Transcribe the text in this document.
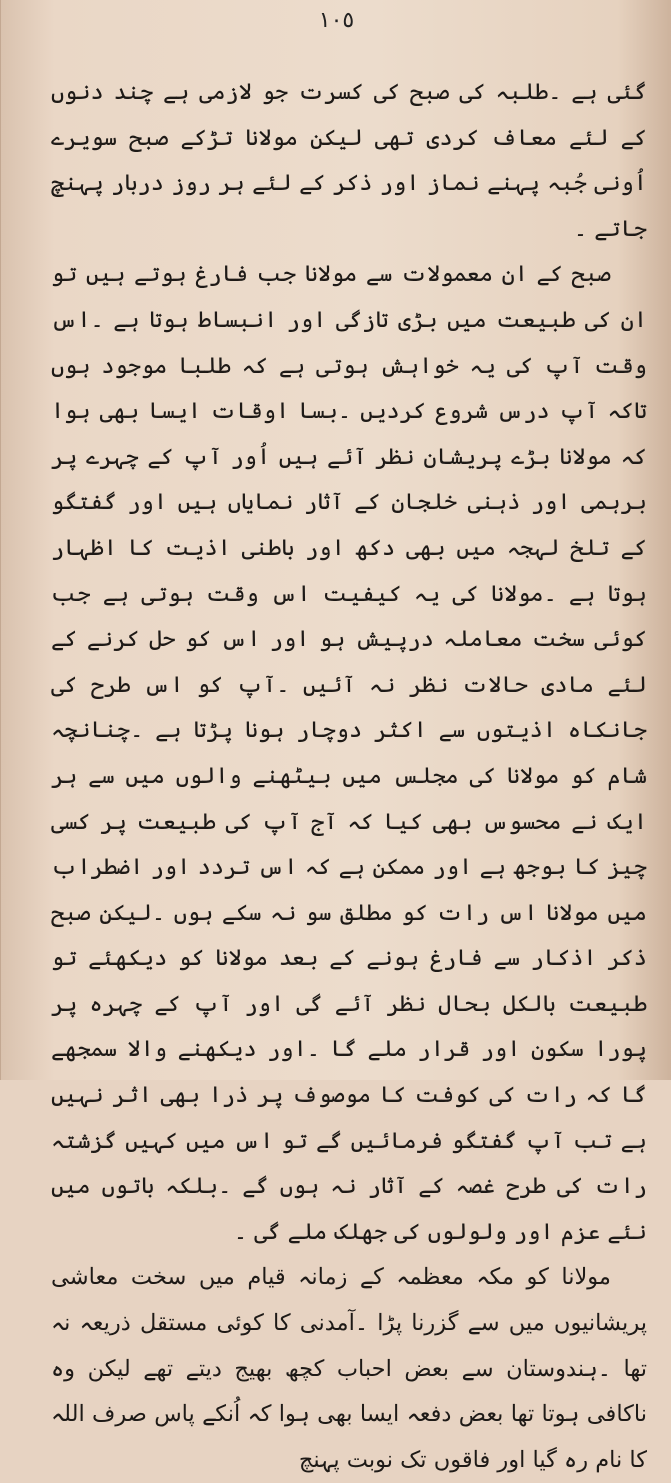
١٠٥

گئی ہے ۔طلبہ کی صبح کی کسرت جو لازمی ہے چند دنوں کے لئے معاف کردی تھی لیکن مولانا تڑکے صبح سویرے اُونی جُبہ پہنے نماز اور ذکر کے لئے ہر روز دربار پہنچ جاتے ۔

صبح کے ان معمولات سے مولانا جب فارغ ہوتے ہیں تو ان کی طبیعت میں بڑی تازگی اور انبساط ہوتا ہے ۔اس وقت آپ کی یہ خواہش ہوتی ہے کہ طلبا موجود ہوں تاکہ آپ درس شروع کردیں ۔بسا اوقات ایسا بھی ہوا کہ مولانا بڑے پریشان نظر آئے ہیں اُور آپ کے چہرے پر برہمی اور ذہنی خلجان کے آثار نمایاں ہیں اور گفتگو کے تلخ لہجہ میں بھی دکھ اور باطنی اذیت کا اظہار ہوتا ہے ۔مولانا کی یہ کیفیت اس وقت ہوتی ہے جب کوئی سخت معاملہ درپیش ہو اور اس کو حل کرنے کے لئے مادی حالات نظر نہ آئیں ۔آپ کو اس طرح کی جانکاہ اذیتوں سے اکثر دوچار ہونا پڑتا ہے ۔چنانچہ شام کو مولانا کی مجلس میں بیٹھنے والوں میں سے ہر ایک نے محسوس بھی کیا کہ آج آپ کی طبیعت پر کسی چیز کا بوجھ ہے اور ممکن ہے کہ اس تردد اور اضطراب میں مولانا اس رات کو مطلق سو نہ سکے ہوں ۔لیکن صبح ذکر اذکار سے فارغ ہونے کے بعد مولانا کو دیکھئے تو طبیعت بالکل بحال نظر آئے گی اور آپ کے چہرہ پر پورا سکون اور قرار ملے گا ۔اور دیکھنے والا سمجھے گا کہ رات کی کوفت کا موصوف پر ذرا بھی اثر نہیں ہے تب آپ گفتگو فرمائیں گے تو اس میں کہیں گزشتہ رات کی طرح غصہ کے آثار نہ ہوں گے ۔بلکہ باتوں میں نئے عزم اور ولولوں کی جھلک ملے گی ۔

مولانا کو مکہ معظمہ کے زمانہ قیام میں سخت معاشی پریشانیوں میں سے گزرنا پڑا ۔آمدنی کا کوئی مستقل ذریعہ نہ تھا ۔ہندوستان سے بعض احباب کچھ بھیج دیتے تھے لیکن وہ ناکافی ہوتا تھا بعض دفعہ ایسا بھی ہوا کہ اُنکے پاس صرف اللہ کا نام رہ گیا اور فاقوں تک نوبت پہنچ
